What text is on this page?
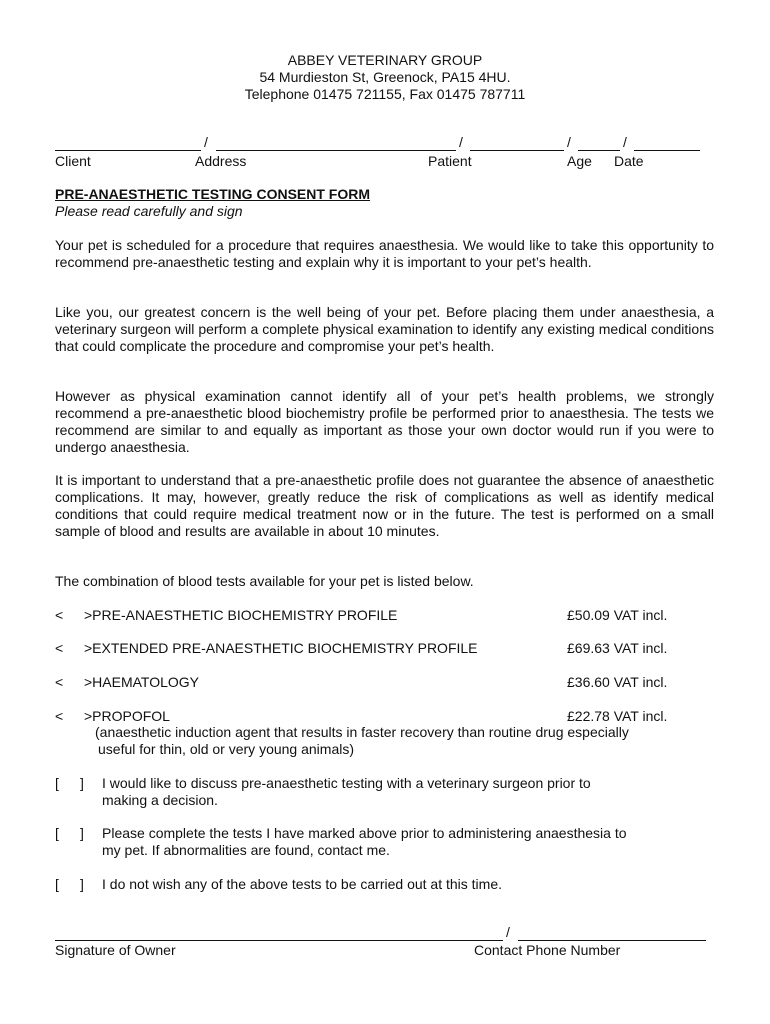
ABBEY VETERINARY GROUP
54 Murdieston St, Greenock, PA15 4HU.
Telephone 01475 721155, Fax 01475 787711
/	/	/	/
Client	Address	Patient	Age Date
PRE-ANAESTHETIC TESTING CONSENT FORM
Please read carefully and sign
Your pet is scheduled for a procedure that requires anaesthesia. We would like to take this opportunity to recommend pre-anaesthetic testing and explain why it is important to your pet’s health.
Like you, our greatest concern is the well being of your pet. Before placing them under anaesthesia, a veterinary surgeon will perform a complete physical examination to identify any existing medical conditions that could complicate the procedure and compromise your pet’s health.
However as physical examination cannot identify all of your pet’s health problems, we strongly recommend a pre-anaesthetic blood biochemistry profile be performed prior to anaesthesia. The tests we recommend are similar to and equally as important as those your own doctor would run if you were to undergo anaesthesia.
It is important to understand that a pre-anaesthetic profile does not guarantee the absence of anaesthetic complications. It may, however, greatly reduce the risk of complications as well as identify medical conditions that could require medical treatment now or in the future. The test is performed on a small sample of blood and results are available in about 10 minutes.
The combination of blood tests available for your pet is listed below.
< >PRE-ANAESTHETIC BIOCHEMISTRY PROFILE	£50.09 VAT incl.
< >EXTENDED PRE-ANAESTHETIC BIOCHEMISTRY PROFILE	£69.63 VAT incl.
< >HAEMATOLOGY	£36.60 VAT incl.
< >PROPOFOL	£22.78 VAT incl.
(anaesthetic induction agent that results in faster recovery than routine drug especially
useful for thin, old or very young animals)
[ ] I would like to discuss pre-anaesthetic testing with a veterinary surgeon prior to
making a decision.
[ ] Please complete the tests I have marked above prior to administering anaesthesia to
my pet. If abnormalities are found, contact me.
[ ] I do not wish any of the above tests to be carried out at this time.
/
Signature of Owner	Contact Phone Number
